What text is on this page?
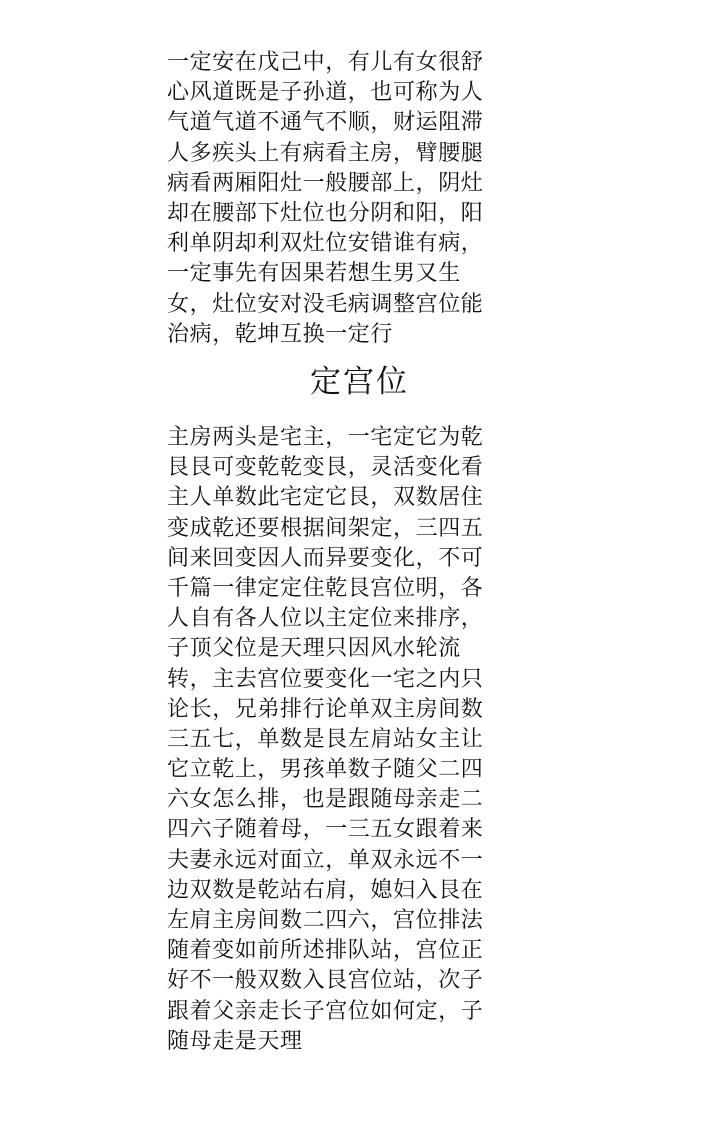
一定安在戊己中，有儿有女很舒
心风道既是子孙道，也可称为人
气道气道不通气不顺，财运阻滞
人多疾头上有病看主房，臂腰腿
病看两厢阳灶一般腰部上，阴灶
却在腰部下灶位也分阴和阳，阳
利单阴却利双灶位安错谁有病，
一定事先有因果若想生男又生
女，灶位安对没毛病调整宫位能
治病，乾坤互换一定行
定宫位
主房两头是宅主，一宅定它为乾
艮艮可变乾乾变艮，灵活变化看
主人单数此宅定它艮，双数居住
变成乾还要根据间架定，三四五
间来回变因人而异要变化，不可
千篇一律定定住乾艮宫位明，各
人自有各人位以主定位来排序，
子顶父位是天理只因风水轮流
转，主去宫位要变化一宅之内只
论长，兄弟排行论单双主房间数
三五七，单数是艮左肩站女主让
它立乾上，男孩单数子随父二四
六女怎么排，也是跟随母亲走二
四六子随着母，一三五女跟着来
夫妻永远对面立，单双永远不一
边双数是乾站右肩，媳妇入艮在
左肩主房间数二四六，宫位排法
随着变如前所述排队站，宫位正
好不一般双数入艮宫位站，次子
跟着父亲走长子宫位如何定，子
随母走是天理
